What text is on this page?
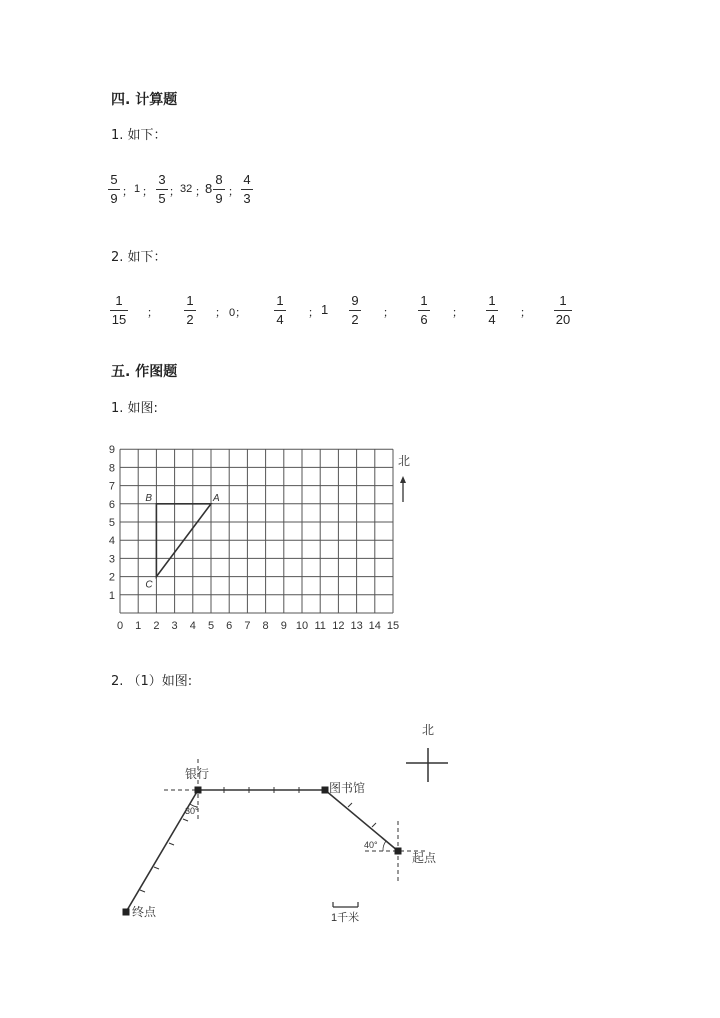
四. 计算题
1. 如下：
5
9 ； 1 ；
3
5 ； 32 ； 8
8
9 ；
4
3
2. 如下：
1
15 ；
1
2 ； 0；
1
4 ； 1
9
2 ；
1
6 ；
1
4 ；
1
20
五. 作图题
1. 如图:
1
2
3
4
5
6
7
8
9
0 1 2 3 4 5 6 7 8 9 10 11 12 13 14 15
A
B
C
北
2. （1）如图:
北
银行
图书馆
起点
终点
30°
40°
1千米
